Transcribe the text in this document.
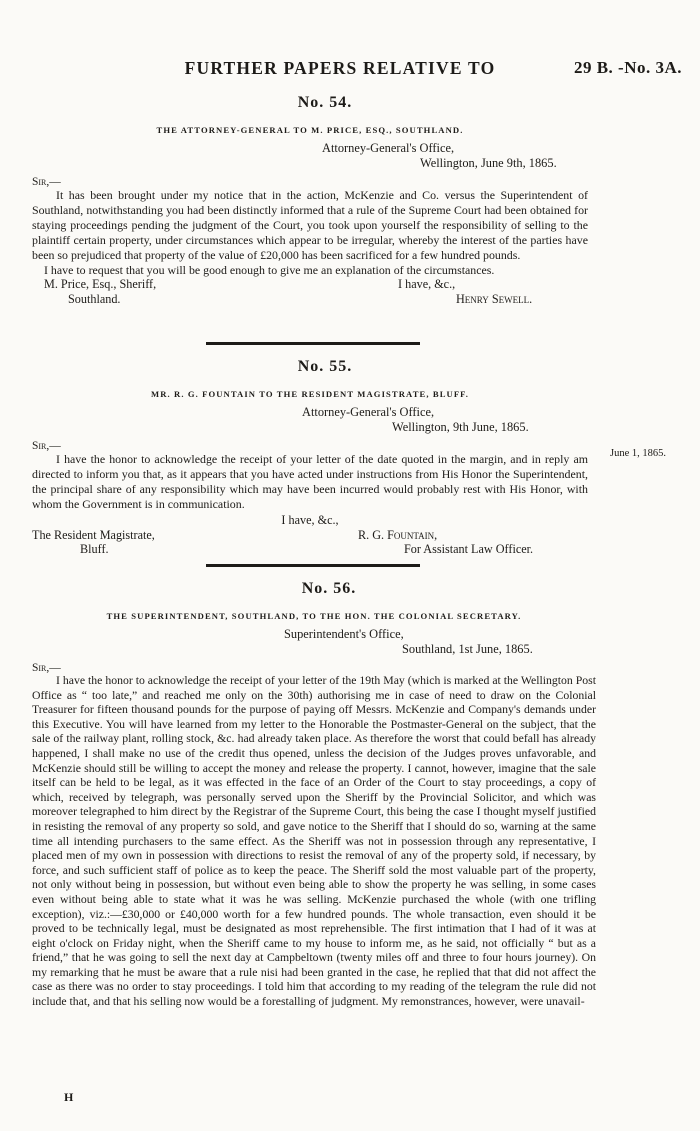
FURTHER PAPERS RELATIVE TO	29 B. -No. 3A.
No. 54.
THE ATTORNEY-GENERAL TO M. PRICE, ESQ., SOUTHLAND.
Attorney-General's Office,
Wellington, June 9th, 1865.
Sir,—

It has been brought under my notice that in the action, McKenzie and Co. versus the Superintendent of Southland, notwithstanding you had been distinctly informed that a rule of the Supreme Court had been obtained for staying proceedings pending the judgment of the Court, you took upon yourself the responsibility of selling to the plaintiff certain property, under circumstances which appear to be irregular, whereby the interest of the parties have been so prejudiced that property of the value of £20,000 has been sacrificed for a few hundred pounds.

I have to request that you will be good enough to give me an explanation of the circumstances.

M. Price, Esq., Sheriff,
Southland.
I have, &c.,
Henry Sewell.
No. 55.
MR. R. G. FOUNTAIN TO THE RESIDENT MAGISTRATE, BLUFF.
Attorney-General's Office,
Wellington, 9th June, 1865.
Sir,—

I have the honor to acknowledge the receipt of your letter of the date quoted in the margin, and in reply am directed to inform you that, as it appears that you have acted under instructions from His Honor the Superintendent, the principal share of any responsibility which may have been incurred would probably rest with His Honor, with whom the Government is in communication.

I have, &c.,
The Resident Magistrate,
Bluff.
R. G. Fountain,
For Assistant Law Officer.
June 1, 1865.
No. 56.
THE SUPERINTENDENT, SOUTHLAND, TO THE HON. THE COLONIAL SECRETARY.
Superintendent's Office,
Southland, 1st June, 1865.
Sir,—

I have the honor to acknowledge the receipt of your letter of the 19th May (which is marked at the Wellington Post Office as “ too late,” and reached me only on the 30th) authorising me in case of need to draw on the Colonial Treasurer for fifteen thousand pounds for the purpose of paying off Messrs. McKenzie and Company's demands under this Executive. You will have learned from my letter to the Honorable the Postmaster-General on the subject, that the sale of the railway plant, rolling stock, &c. had already taken place. As therefore the worst that could befall has already happened, I shall make no use of the credit thus opened, unless the decision of the Judges proves unfavorable, and McKenzie should still be willing to accept the money and release the property. I cannot, however, imagine that the sale itself can be held to be legal, as it was effected in the face of an Order of the Court to stay proceedings, a copy of which, received by telegraph, was personally served upon the Sheriff by the Provincial Solicitor, and which was moreover telegraphed to him direct by the Registrar of the Supreme Court, this being the case I thought myself justified in resisting the removal of any property so sold, and gave notice to the Sheriff that I should do so, warning at the same time all intending purchasers to the same effect. As the Sheriff was not in possession through any representative, I placed men of my own in possession with directions to resist the removal of any of the property sold, if necessary, by force, and such sufficient staff of police as to keep the peace. The Sheriff sold the most valuable part of the property, not only without being in possession, but without even being able to show the property he was selling, in some cases even without being able to state what it was he was selling. McKenzie purchased the whole (with one trifling exception), viz.:—£30,000 or £40,000 worth for a few hundred pounds. The whole transaction, even should it be proved to be technically legal, must be designated as most reprehensible. The first intimation that I had of it was at eight o'clock on Friday night, when the Sheriff came to my house to inform me, as he said, not officially “ but as a friend,” that he was going to sell the next day at Campbeltown (twenty miles off and three to four hours journey). On my remarking that he must be aware that a rule nisi had been granted in the case, he replied that that did not affect the case as there was no order to stay proceedings. I told him that according to my reading of the telegram the rule did not include that, and that his selling now would be a forestalling of judgment. My remonstrances, however, were unavail-

H
